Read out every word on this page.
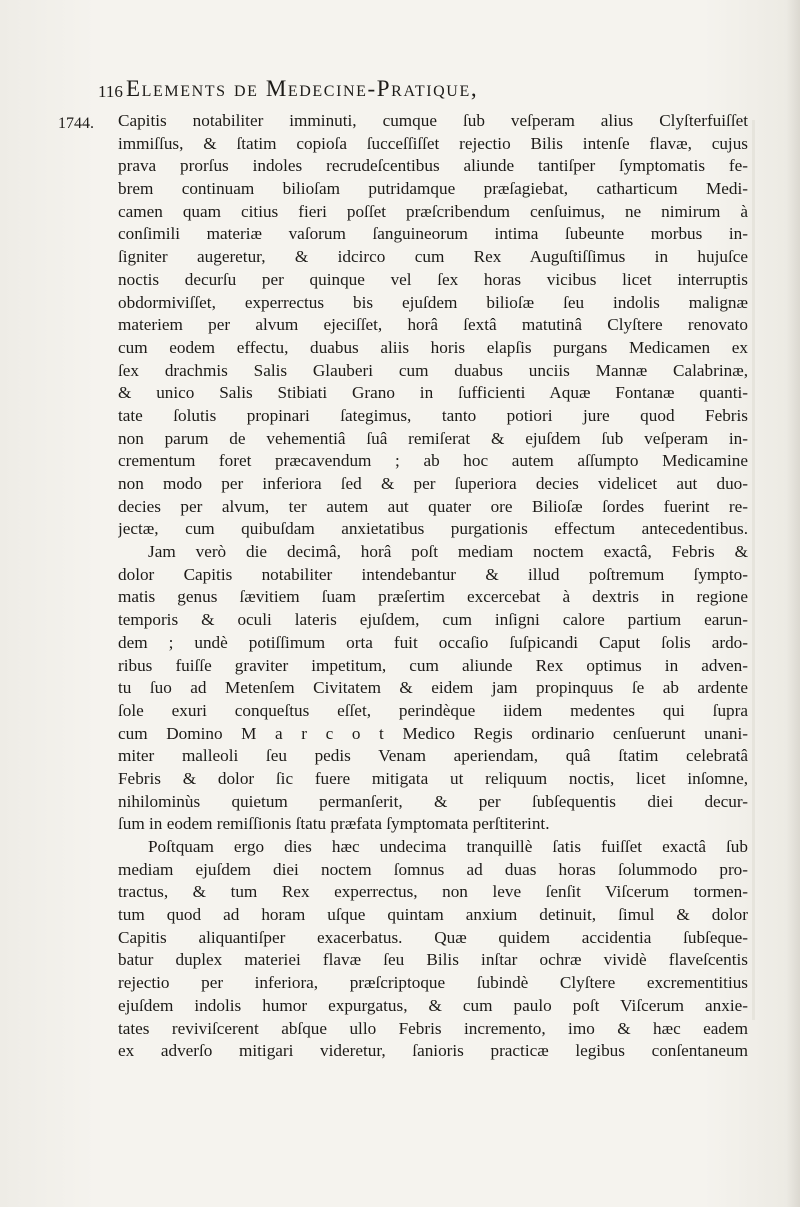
116 Elements de Medecine-Pratique,
1744. Capitis notabiliter imminuti, cumque ſub veſperam alius Clyſterfuiſſet
immiſſus, & ſtatim copioſa ſucceſſiſſet rejectio Bilis intenſe flavæ, cujus
prava prorſus indoles recrudeſcentibus aliunde tantiſper ſymptomatis fe-
brem continuam bilioſam putridamque præſagiebat, catharticum Medi-
camen quam citius fieri poſſet præſcribendum cenſuimus, ne nimirum à
conſimili materiæ vaſorum ſanguineorum intima ſubeunte morbus in-
ſigniter augeretur, & idcirco cum Rex Auguſtiſſimus in hujuſce
noctis decurſu per quinque vel ſex horas vicibus licet interruptis
obdormiviſſet, experrectus bis ejuſdem bilioſæ ſeu indolis malignæ
materiem per alvum ejeciſſet, horâ ſextâ matutinâ Clyſtere renovato
cum eodem effectu, duabus aliis horis elapſis purgans Medicamen ex
ſex drachmis Salis Glauberi cum duabus unciis Mannæ Calabrinæ,
& unico Salis Stibiati Grano in ſufficienti Aquæ Fontanæ quanti-
tate ſolutis propinari ſategimus, tanto potiori jure quod Febris
non parum de vehementiâ ſuâ remiſerat & ejuſdem ſub veſperam in-
crementum foret præcavendum ; ab hoc autem aſſumpto Medicamine
non modo per inferiora ſed & per ſuperiora decies videlicet aut duo-
decies per alvum, ter autem aut quater ore Bilioſæ ſordes fuerint re-
jectæ, cum quibuſdam anxietatibus purgationis effectum antecedentibus.
Jam verò die decimâ, horâ poſt mediam noctem exactâ, Febris &
dolor Capitis notabiliter intendebantur & illud poſtremum ſympto-
matis genus ſævitiem ſuam præſertim excercebat à dextris in regione
temporis & oculi lateris ejuſdem, cum inſigni calore partium earun-
dem ; undè potiſſimum orta fuit occaſio ſuſpicandi Caput ſolis ardo-
ribus fuiſſe graviter impetitum, cum aliunde Rex optimus in adven-
tu ſuo ad Metenſem Civitatem & eidem jam propinquus ſe ab ardente
ſole exuri conqueſtus eſſet, perindèque iidem medentes qui ſupra
cum Domino M a r c o t Medico Regis ordinario cenſuerunt unani-
miter malleoli ſeu pedis Venam aperiendam, quâ ſtatim celebratâ
Febris & dolor ſic fuere mitigata ut reliquum noctis, licet inſomne,
nihilominùs quietum permanſerit, & per ſubſequentis diei decur-
ſum in eodem remiſſionis ſtatu præfata ſymptomata perſtiterint.
Poſtquam ergo dies hæc undecima tranquillè ſatis fuiſſet exactâ ſub
mediam ejuſdem diei noctem ſomnus ad duas horas ſolummodo pro-
tractus, & tum Rex experrectus, non leve ſenſit Viſcerum tormen-
tum quod ad horam uſque quintam anxium detinuit, ſimul & dolor
Capitis aliquantiſper exacerbatus. Quæ quidem accidentia ſubſeque-
batur duplex materiei flavæ ſeu Bilis inſtar ochræ vividè flaveſcentis
rejectio per inferiora, præſcriptoque ſubindè Clyſtere excrementitius
ejuſdem indolis humor expurgatus, & cum paulo poſt Viſcerum anxie-
tates reviviſcerent abſque ullo Febris incremento, imo & hæc eadem
ex adverſo mitigari videretur, ſanioris practicæ legibus conſentaneum
